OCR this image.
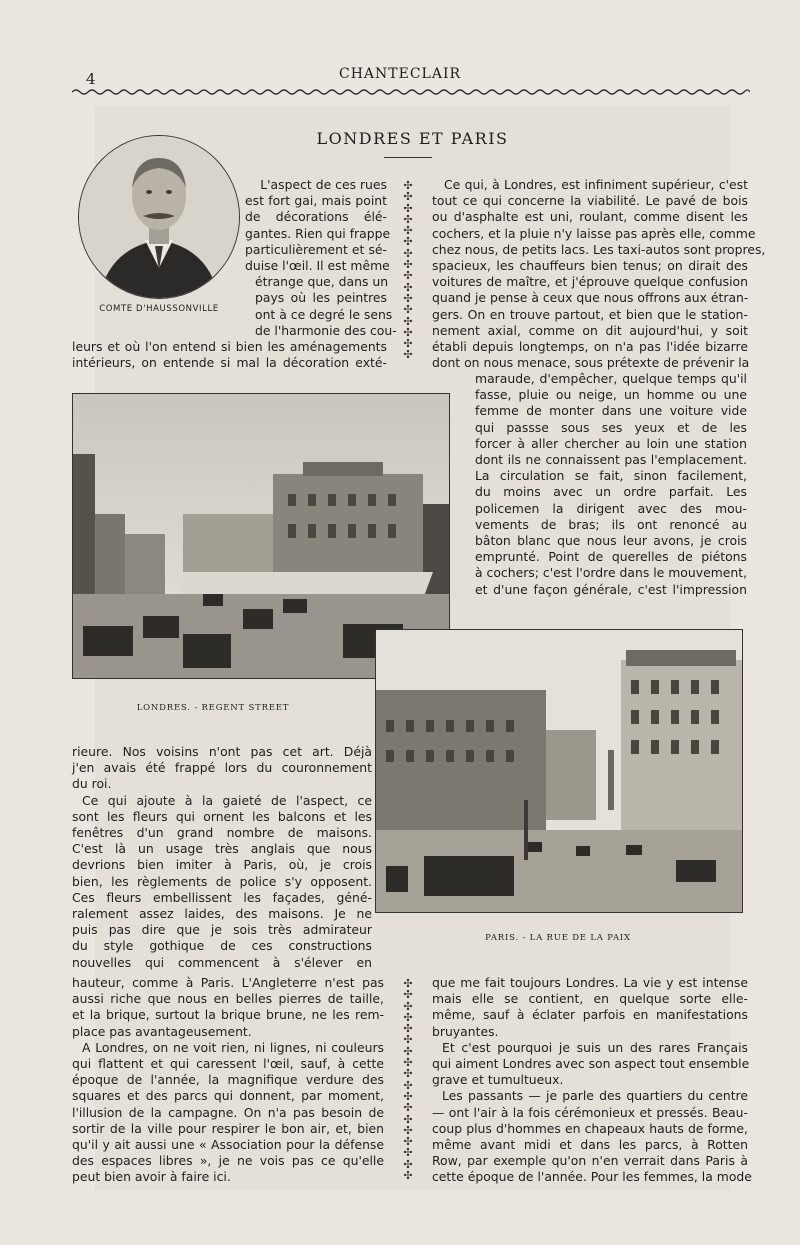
4	CHANTECLAIR
LONDRES ET PARIS
COMTE D'HAUSSONVILLE
L'aspect de ces rues
est fort gai, mais point
de décorations élé-
gantes. Rien qui frappe
particulièrement et sé-
duise l'œil. Il est même
étrange que, dans un
pays où les peintres
ont à ce degré le sens
de l'harmonie des cou-
leurs et où l'on entend si bien les aménagements
intérieurs, on entende si mal la décoration exté-
✣
✣
✣
✣
✣
✣
✣
✣
✣
✣
✣
✣
✣
✣
✣
✣
Ce qui, à Londres, est infiniment supérieur, c'est
tout ce qui concerne la viabilité. Le pavé de bois
ou d'asphalte est uni, roulant, comme disent les
cochers, et la pluie n'y laisse pas après elle, comme
chez nous, de petits lacs. Les taxi-autos sont propres,
spacieux, les chauffeurs bien tenus; on dirait des
voitures de maître, et j'éprouve quelque confusion
quand je pense à ceux que nous offrons aux étran-
gers. On en trouve partout, et bien que le station-
nement axial, comme on dit aujourd'hui, y soit
établi depuis longtemps, on n'a pas l'idée bizarre
dont on nous menace, sous prétexte de prévenir la
maraude, d'empêcher, quelque temps qu'il
fasse, pluie ou neige, un homme ou une
femme de monter dans une voiture vide
qui passse sous ses yeux et de les
forcer à aller chercher au loin une station
dont ils ne connaissent pas l'emplacement.
La circulation se fait, sinon facilement,
du moins avec un ordre parfait. Les
policemen la dirigent avec des mou-
vements de bras; ils ont renoncé au
bâton blanc que nous leur avons, je crois
emprunté. Point de querelles de piétons
à cochers; c'est l'ordre dans le mouvement,
et d'une façon générale, c'est l'impression
LONDRES. - REGENT STREET
PARIS. - LA RUE DE LA PAIX
rieure. Nos voisins n'ont pas cet art. Déjà
j'en avais été frappé lors du couronnement
du roi.
Ce qui ajoute à la gaieté de l'aspect, ce
sont les fleurs qui ornent les balcons et les
fenêtres d'un grand nombre de maisons.
C'est là un usage très anglais que nous
devrions bien imiter à Paris, où, je crois
bien, les règlements de police s'y opposent.
Ces fleurs embellissent les façades, géné-
ralement assez laides, des maisons. Je ne
puis pas dire que je sois très admirateur
du style gothique de ces constructions
nouvelles qui commencent à s'élever en
hauteur, comme à Paris. L'Angleterre n'est pas
aussi riche que nous en belles pierres de taille,
et la brique, surtout la brique brune, ne les rem-
place pas avantageusement.
A Londres, on ne voit rien, ni lignes, ni couleurs
qui flattent et qui caressent l'œil, sauf, à cette
époque de l'année, la magnifique verdure des
squares et des parcs qui donnent, par moment,
l'illusion de la campagne. On n'a pas besoin de
sortir de la ville pour respirer le bon air, et, bien
qu'il y ait aussi une « Association pour la défense
des espaces libres », je ne vois pas ce qu'elle
peut bien avoir à faire ici.
✣
✣
✣
✣
✣
✣
✣
✣
✣
✣
✣
✣
✣
✣
✣
✣
✣
✣
que me fait toujours Londres. La vie y est intense
mais elle se contient, en quelque sorte elle-
même, sauf à éclater parfois en manifestations
bruyantes.
Et c'est pourquoi je suis un des rares Français
qui aiment Londres avec son aspect tout ensemble
grave et tumultueux.
Les passants — je parle des quartiers du centre
— ont l'air à la fois cérémonieux et pressés. Beau-
coup plus d'hommes en chapeaux hauts de forme,
même avant midi et dans les parcs, à Rotten
Row, par exemple qu'on n'en verrait dans Paris à
cette époque de l'année. Pour les femmes, la mode
